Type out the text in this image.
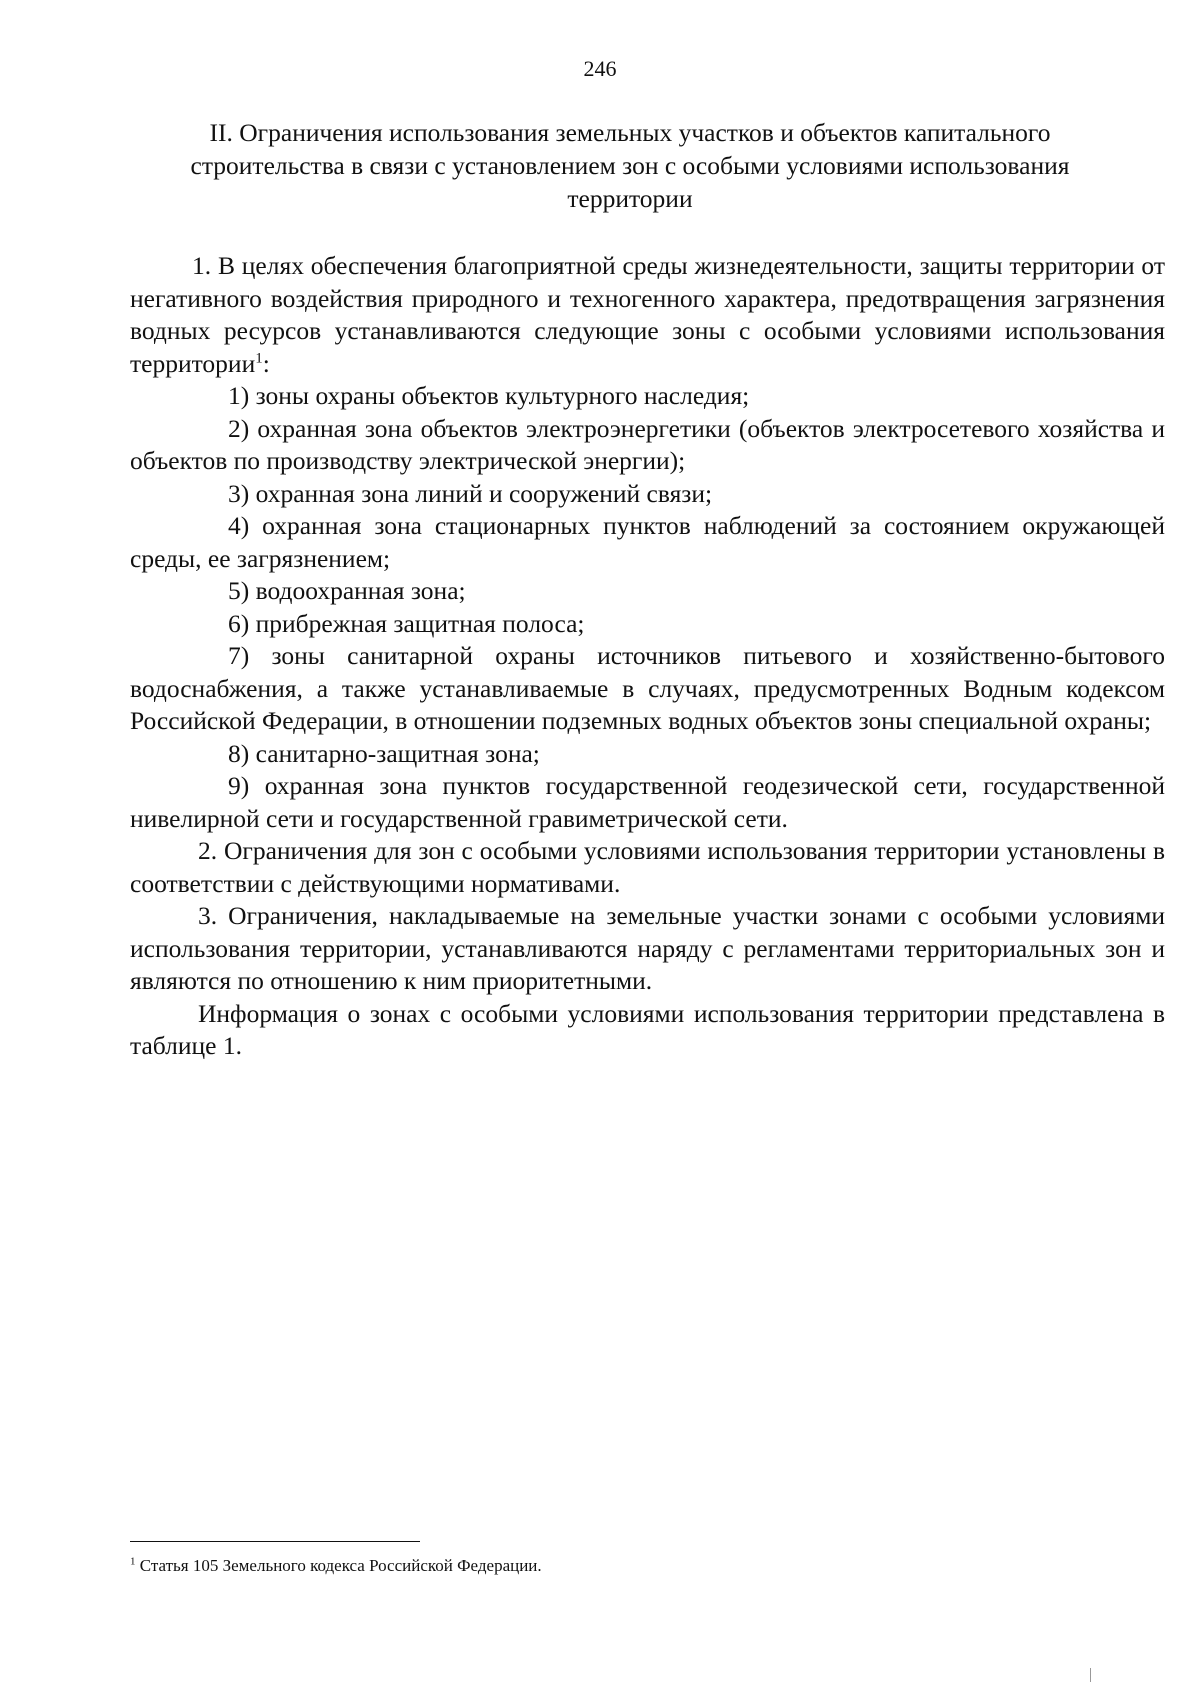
246
II. Ограничения использования земельных участков и объектов капитального строительства в связи с установлением зон с особыми условиями использования территории

1. В целях обеспечения благоприятной среды жизнедеятельности, защиты территории от негативного воздействия природного и техногенного характера, предотвращения загрязнения водных ресурсов устанавливаются следующие зоны с особыми условиями использования территории$^1$:

1) зоны охраны объектов культурного наследия;

2) охранная зона объектов электроэнергетики (объектов электросетевого хозяйства и объектов по производству электрической энергии);

3) охранная зона линий и сооружений связи;

4) охранная зона стационарных пунктов наблюдений за состоянием окружающей среды, ее загрязнением;

5) водоохранная зона;

6) прибрежная защитная полоса;

7) зоны санитарной охраны источников питьевого и хозяйственно-бытового водоснабжения, а также устанавливаемые в случаях, предусмотренных Водным кодексом Российской Федерации, в отношении подземных водных объектов зоны специальной охраны;

8) санитарно-защитная зона;

9) охранная зона пунктов государственной геодезической сети, государственной нивелирной сети и государственной гравиметрической сети.

2. Ограничения для зон с особыми условиями использования территории установлены в соответствии с действующими нормативами.

3. Ограничения, накладываемые на земельные участки зонами с особыми условиями использования территории, устанавливаются наряду с регламентами территориальных зон и являются по отношению к ним приоритетными.

Информация о зонах с особыми условиями использования территории представлена в таблице 1.

$^1$ Статья 105 Земельного кодекса Российской Федерации.
